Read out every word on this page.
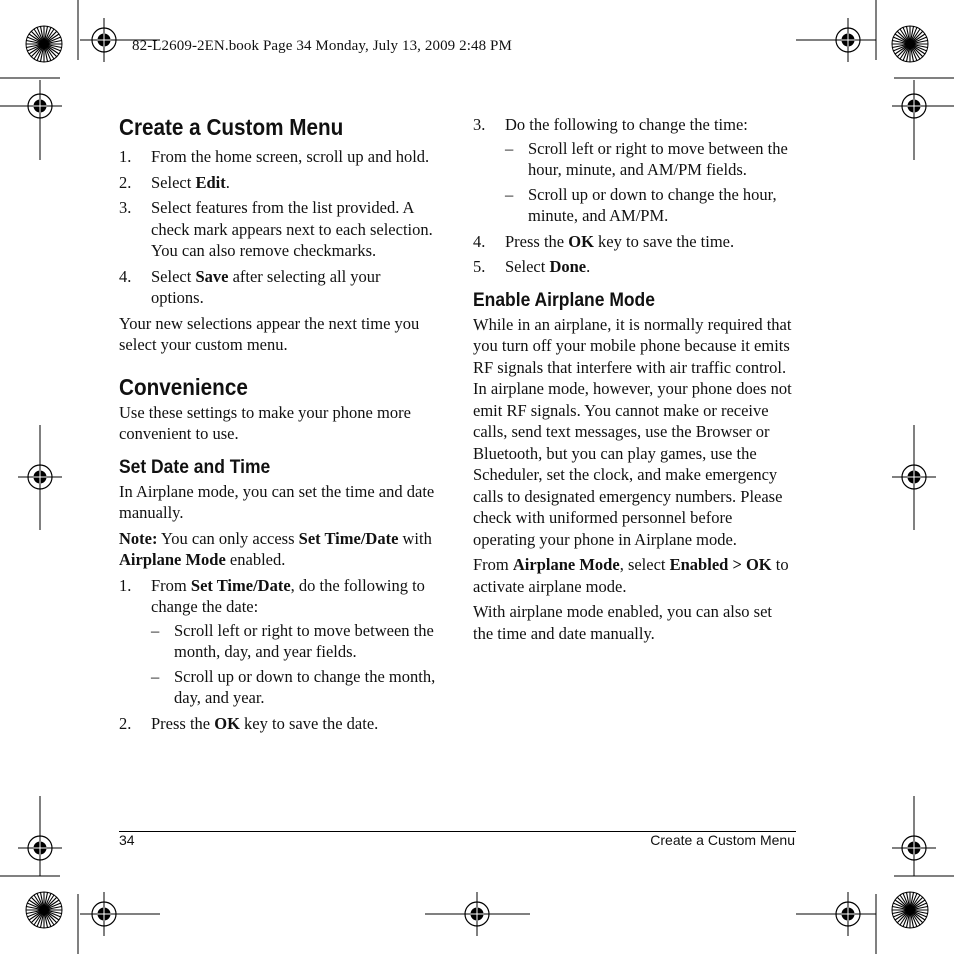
82-L2609-2EN.book Page 34 Monday, July 13, 2009 2:48 PM
Create a Custom Menu
1. From the home screen, scroll up and hold.
2. Select Edit.
3. Select features from the list provided. A check mark appears next to each selection. You can also remove checkmarks.
4. Select Save after selecting all your options.

Your new selections appear the next time you select your custom menu.

Convenience

Use these settings to make your phone more convenient to use.

Set Date and Time

In Airplane mode, you can set the time and date manually.

Note: You can only access Set Time/Date with Airplane Mode enabled.

1. From Set Time/Date, do the following to change the date:
– Scroll left or right to move between the month, day, and year fields.
– Scroll up or down to change the month, day, and year.
2. Press the OK key to save the date.
3. Do the following to change the time:
– Scroll left or right to move between the hour, minute, and AM/PM fields.
– Scroll up or down to change the hour, minute, and AM/PM.
4. Press the OK key to save the time.
5. Select Done.
Enable Airplane Mode

While in an airplane, it is normally required that you turn off your mobile phone because it emits RF signals that interfere with air traffic control. In airplane mode, however, your phone does not emit RF signals. You cannot make or receive calls, send text messages, use the Browser or Bluetooth, but you can play games, use the Scheduler, set the clock, and make emergency calls to designated emergency numbers. Please check with uniformed personnel before operating your phone in Airplane mode.

From Airplane Mode, select Enabled > OK to activate airplane mode.

With airplane mode enabled, you can also set the time and date manually.

34	Create a Custom Menu
